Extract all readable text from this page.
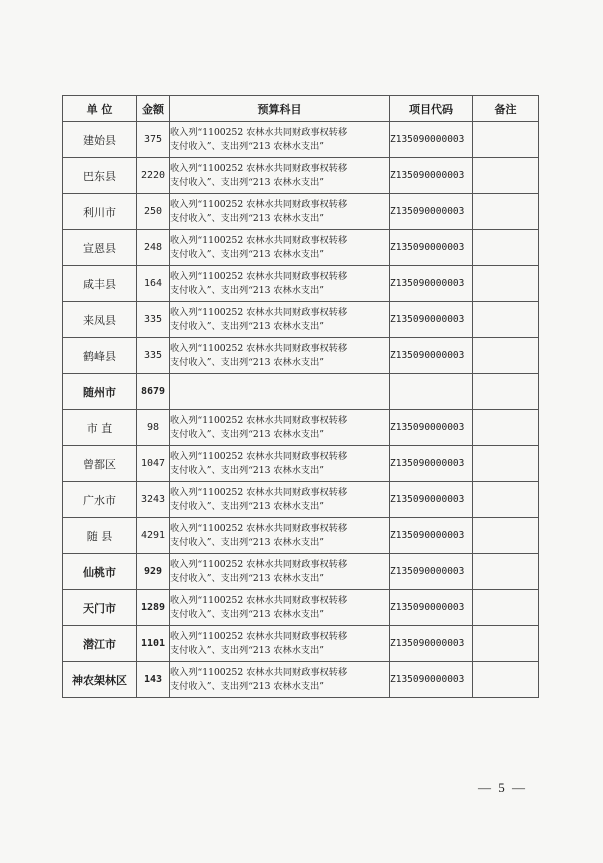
单 位	金额	预算科目	项目代码	备注
建始县	375	收入列“1100252 农林水共同财政事权转移
支付收入”、支出列“213 农林水支出”	Z135090000003	
巴东县	2220	收入列“1100252 农林水共同财政事权转移
支付收入”、支出列“213 农林水支出”	Z135090000003	
利川市	250	收入列“1100252 农林水共同财政事权转移
支付收入”、支出列“213 农林水支出”	Z135090000003	
宣恩县	248	收入列“1100252 农林水共同财政事权转移
支付收入”、支出列“213 农林水支出”	Z135090000003	
咸丰县	164	收入列“1100252 农林水共同财政事权转移
支付收入”、支出列“213 农林水支出”	Z135090000003	
来凤县	335	收入列“1100252 农林水共同财政事权转移
支付收入”、支出列“213 农林水支出”	Z135090000003	
鹤峰县	335	收入列“1100252 农林水共同财政事权转移
支付收入”、支出列“213 农林水支出”	Z135090000003	
随州市	8679	

市 直	98	收入列“1100252 农林水共同财政事权转移
支付收入”、支出列“213 农林水支出”	Z135090000003	
曾都区	1047	收入列“1100252 农林水共同财政事权转移
支付收入”、支出列“213 农林水支出”	Z135090000003	
广水市	3243	收入列“1100252 农林水共同财政事权转移
支付收入”、支出列“213 农林水支出”	Z135090000003	
随 县	4291	收入列“1100252 农林水共同财政事权转移
支付收入”、支出列“213 农林水支出”	Z135090000003	
仙桃市	929	收入列“1100252 农林水共同财政事权转移
支付收入”、支出列“213 农林水支出”	Z135090000003	
天门市	1289	收入列“1100252 农林水共同财政事权转移
支付收入”、支出列“213 农林水支出”	Z135090000003	
潜江市	1101	收入列“1100252 农林水共同财政事权转移
支付收入”、支出列“213 农林水支出”	Z135090000003	
神农架林区	143	收入列“1100252 农林水共同财政事权转移
支付收入”、支出列“213 农林水支出”	Z135090000003	
— 5 —
